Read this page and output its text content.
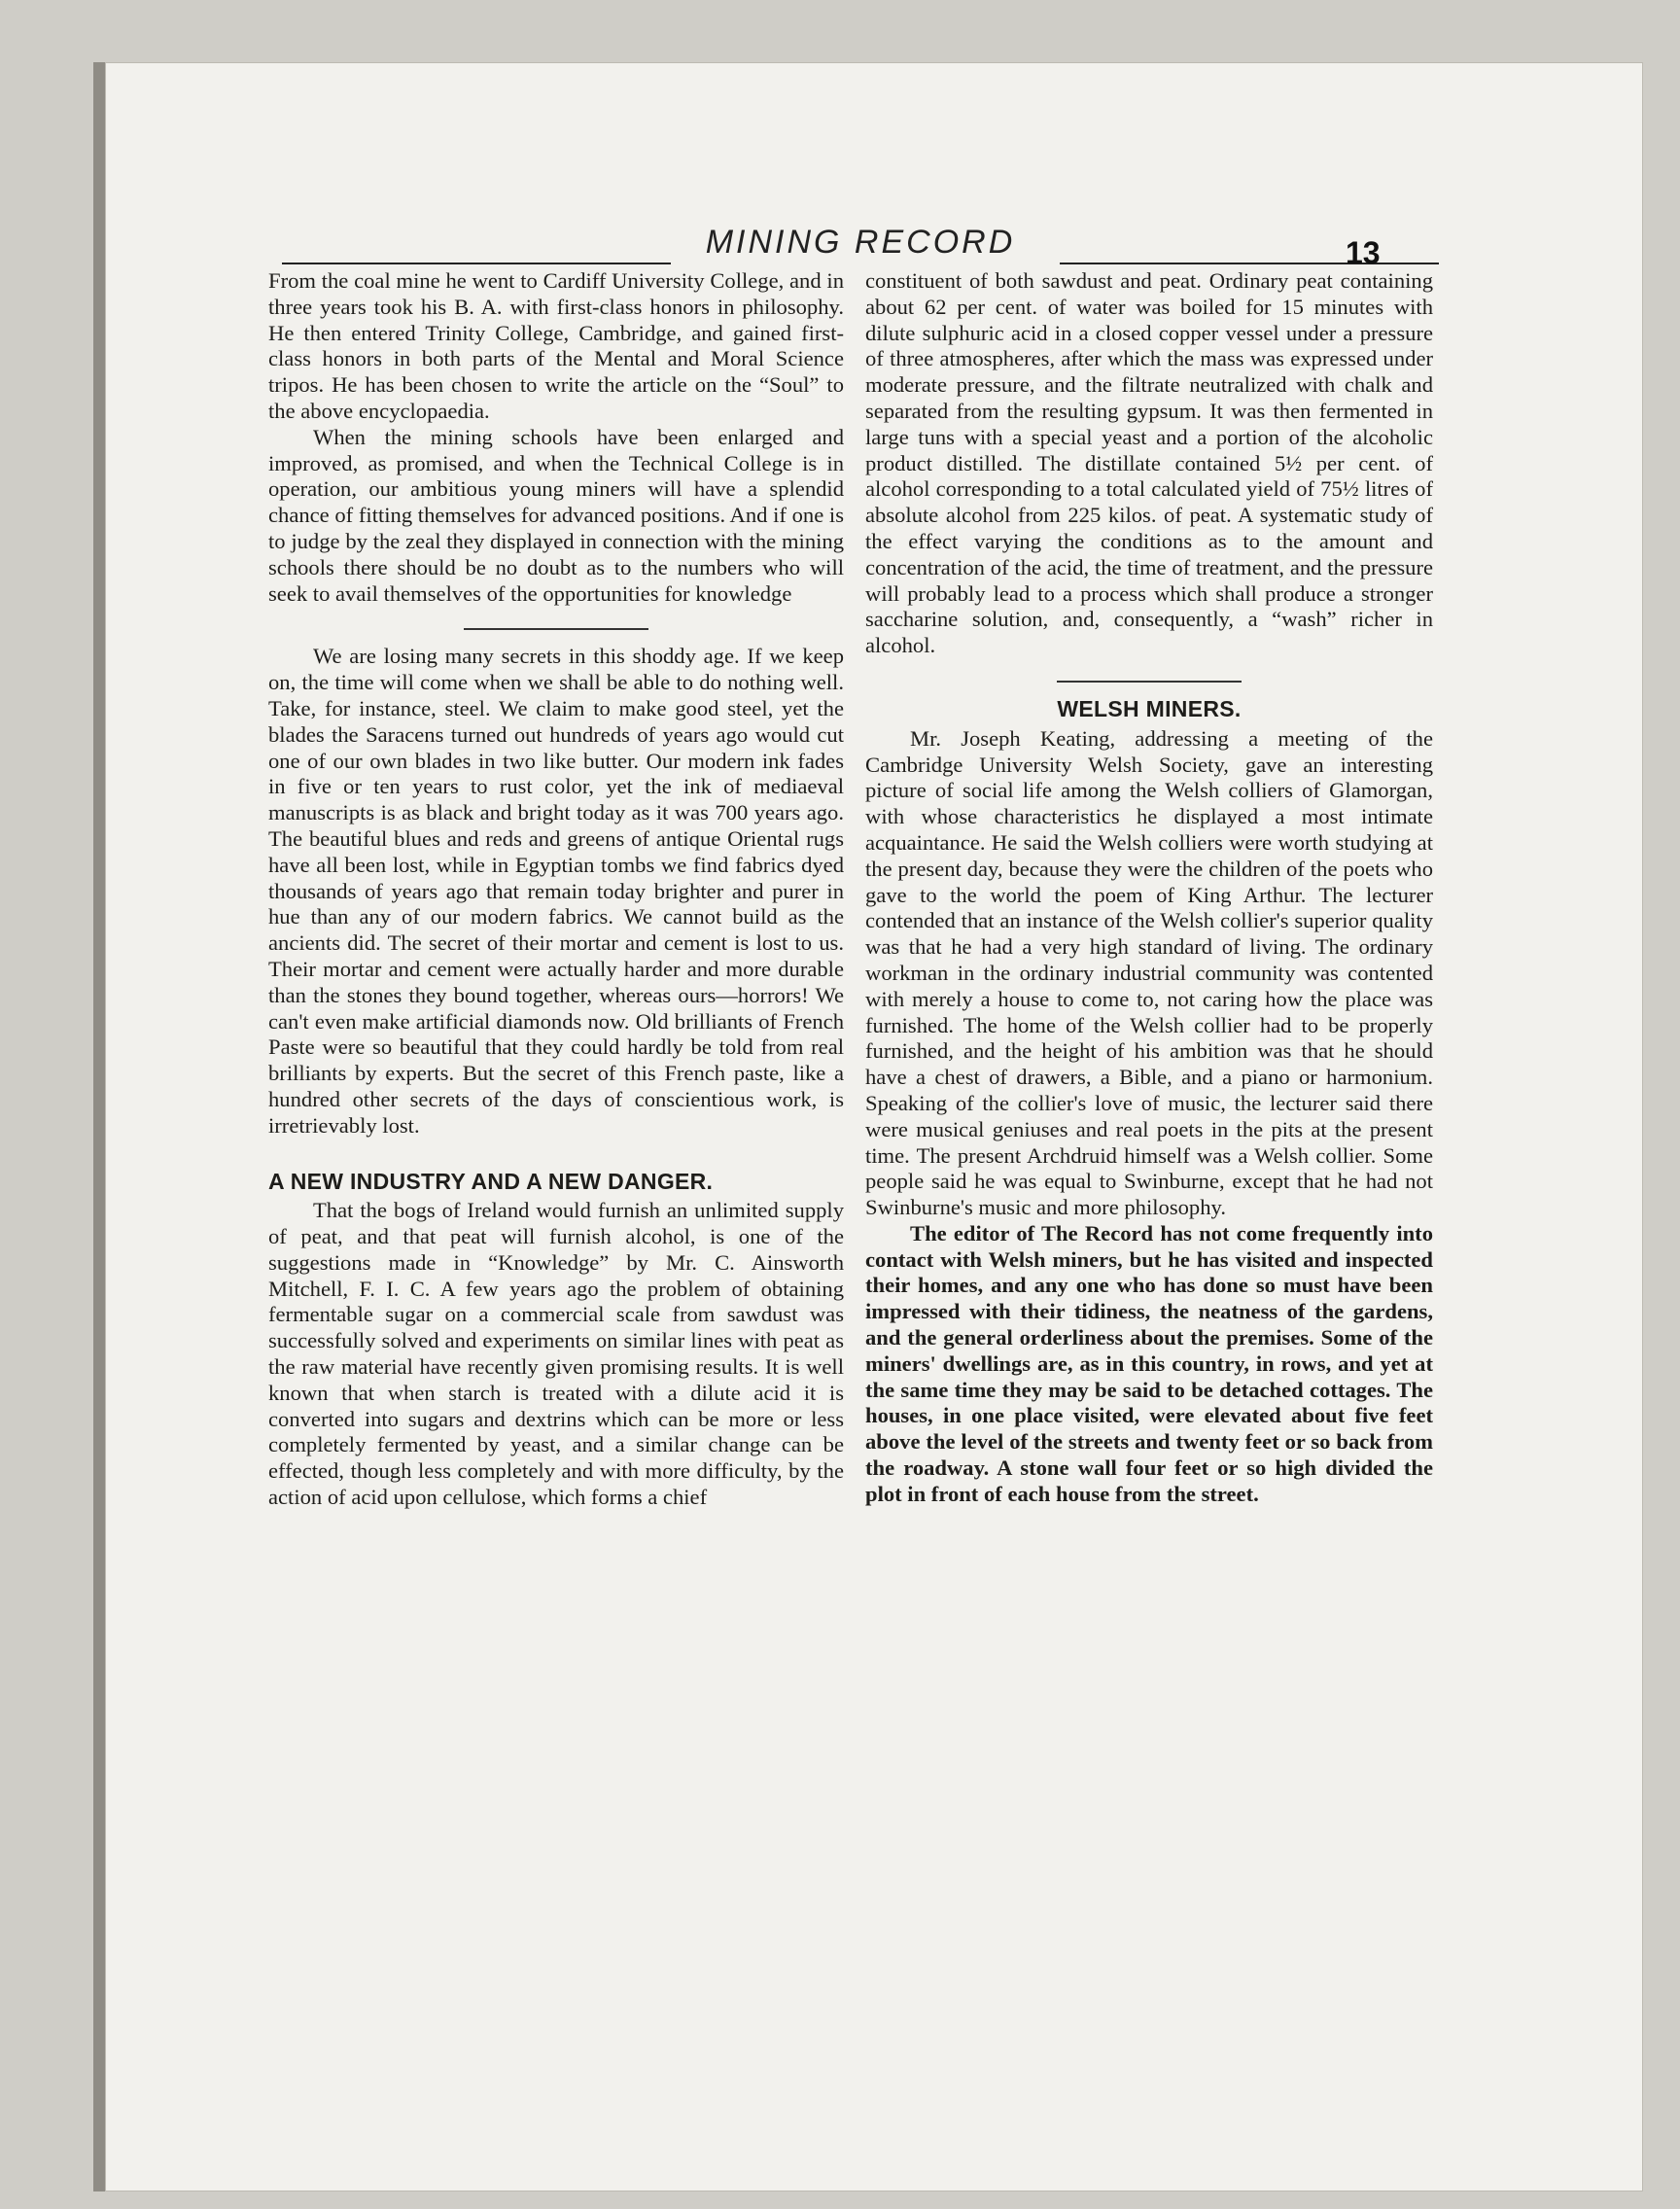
MINING RECORD	13

From the coal mine he went to Cardiff University College, and in three years took his B. A. with first-class honors in philosophy. He then entered Trinity College, Cambridge, and gained first-class honors in both parts of the Mental and Moral Science tripos. He has been chosen to write the article on the “Soul” to the above encyclopaedia.

When the mining schools have been enlarged and improved, as promised, and when the Technical College is in operation, our ambitious young miners will have a splendid chance of fitting themselves for advanced positions. And if one is to judge by the zeal they displayed in connection with the mining schools there should be no doubt as to the numbers who will seek to avail themselves of the opportunities for knowledge

We are losing many secrets in this shoddy age. If we keep on, the time will come when we shall be able to do nothing well. Take, for instance, steel. We claim to make good steel, yet the blades the Saracens turned out hundreds of years ago would cut one of our own blades in two like butter. Our modern ink fades in five or ten years to rust color, yet the ink of mediaeval manuscripts is as black and bright today as it was 700 years ago. The beautiful blues and reds and greens of antique Oriental rugs have all been lost, while in Egyptian tombs we find fabrics dyed thousands of years ago that remain today brighter and purer in hue than any of our modern fabrics. We cannot build as the ancients did. The secret of their mortar and cement is lost to us. Their mortar and cement were actually harder and more durable than the stones they bound together, whereas ours—horrors! We can't even make artificial diamonds now. Old brilliants of French Paste were so beautiful that they could hardly be told from real brilliants by experts. But the secret of this French paste, like a hundred other secrets of the days of conscientious work, is irretrievably lost.

A NEW INDUSTRY AND A NEW DANGER.

That the bogs of Ireland would furnish an unlimited supply of peat, and that peat will furnish alcohol, is one of the suggestions made in “Knowledge” by Mr. C. Ainsworth Mitchell, F. I. C. A few years ago the problem of obtaining fermentable sugar on a commercial scale from sawdust was successfully solved and experiments on similar lines with peat as the raw material have recently given promising results. It is well known that when starch is treated with a dilute acid it is converted into sugars and dextrins which can be more or less completely fermented by yeast, and a similar change can be effected, though less completely and with more difficulty, by the action of acid upon cellulose, which forms a chief

constituent of both sawdust and peat. Ordinary peat containing about 62 per cent. of water was boiled for 15 minutes with dilute sulphuric acid in a closed copper vessel under a pressure of three atmospheres, after which the mass was expressed under moderate pressure, and the filtrate neutralized with chalk and separated from the resulting gypsum. It was then fermented in large tuns with a special yeast and a portion of the alcoholic product distilled. The distillate contained 5½ per cent. of alcohol corresponding to a total calculated yield of 75½ litres of absolute alcohol from 225 kilos. of peat. A systematic study of the effect varying the conditions as to the amount and concentration of the acid, the time of treatment, and the pressure will probably lead to a process which shall produce a stronger saccharine solution, and, consequently, a “wash” richer in alcohol.

WELSH MINERS.

Mr. Joseph Keating, addressing a meeting of the Cambridge University Welsh Society, gave an interesting picture of social life among the Welsh colliers of Glamorgan, with whose characteristics he displayed a most intimate acquaintance. He said the Welsh colliers were worth studying at the present day, because they were the children of the poets who gave to the world the poem of King Arthur. The lecturer contended that an instance of the Welsh collier's superior quality was that he had a very high standard of living. The ordinary workman in the ordinary industrial community was contented with merely a house to come to, not caring how the place was furnished. The home of the Welsh collier had to be properly furnished, and the height of his ambition was that he should have a chest of drawers, a Bible, and a piano or harmonium. Speaking of the collier's love of music, the lecturer said there were musical geniuses and real poets in the pits at the present time. The present Archdruid himself was a Welsh collier. Some people said he was equal to Swinburne, except that he had not Swinburne's music and more philosophy.

The editor of The Record has not come frequently into contact with Welsh miners, but he has visited and inspected their homes, and any one who has done so must have been impressed with their tidiness, the neatness of the gardens, and the general orderliness about the premises. Some of the miners' dwellings are, as in this country, in rows, and yet at the same time they may be said to be detached cottages. The houses, in one place visited, were elevated about five feet above the level of the streets and twenty feet or so back from the roadway. A stone wall four feet or so high divided the plot in front of each house from the street.
